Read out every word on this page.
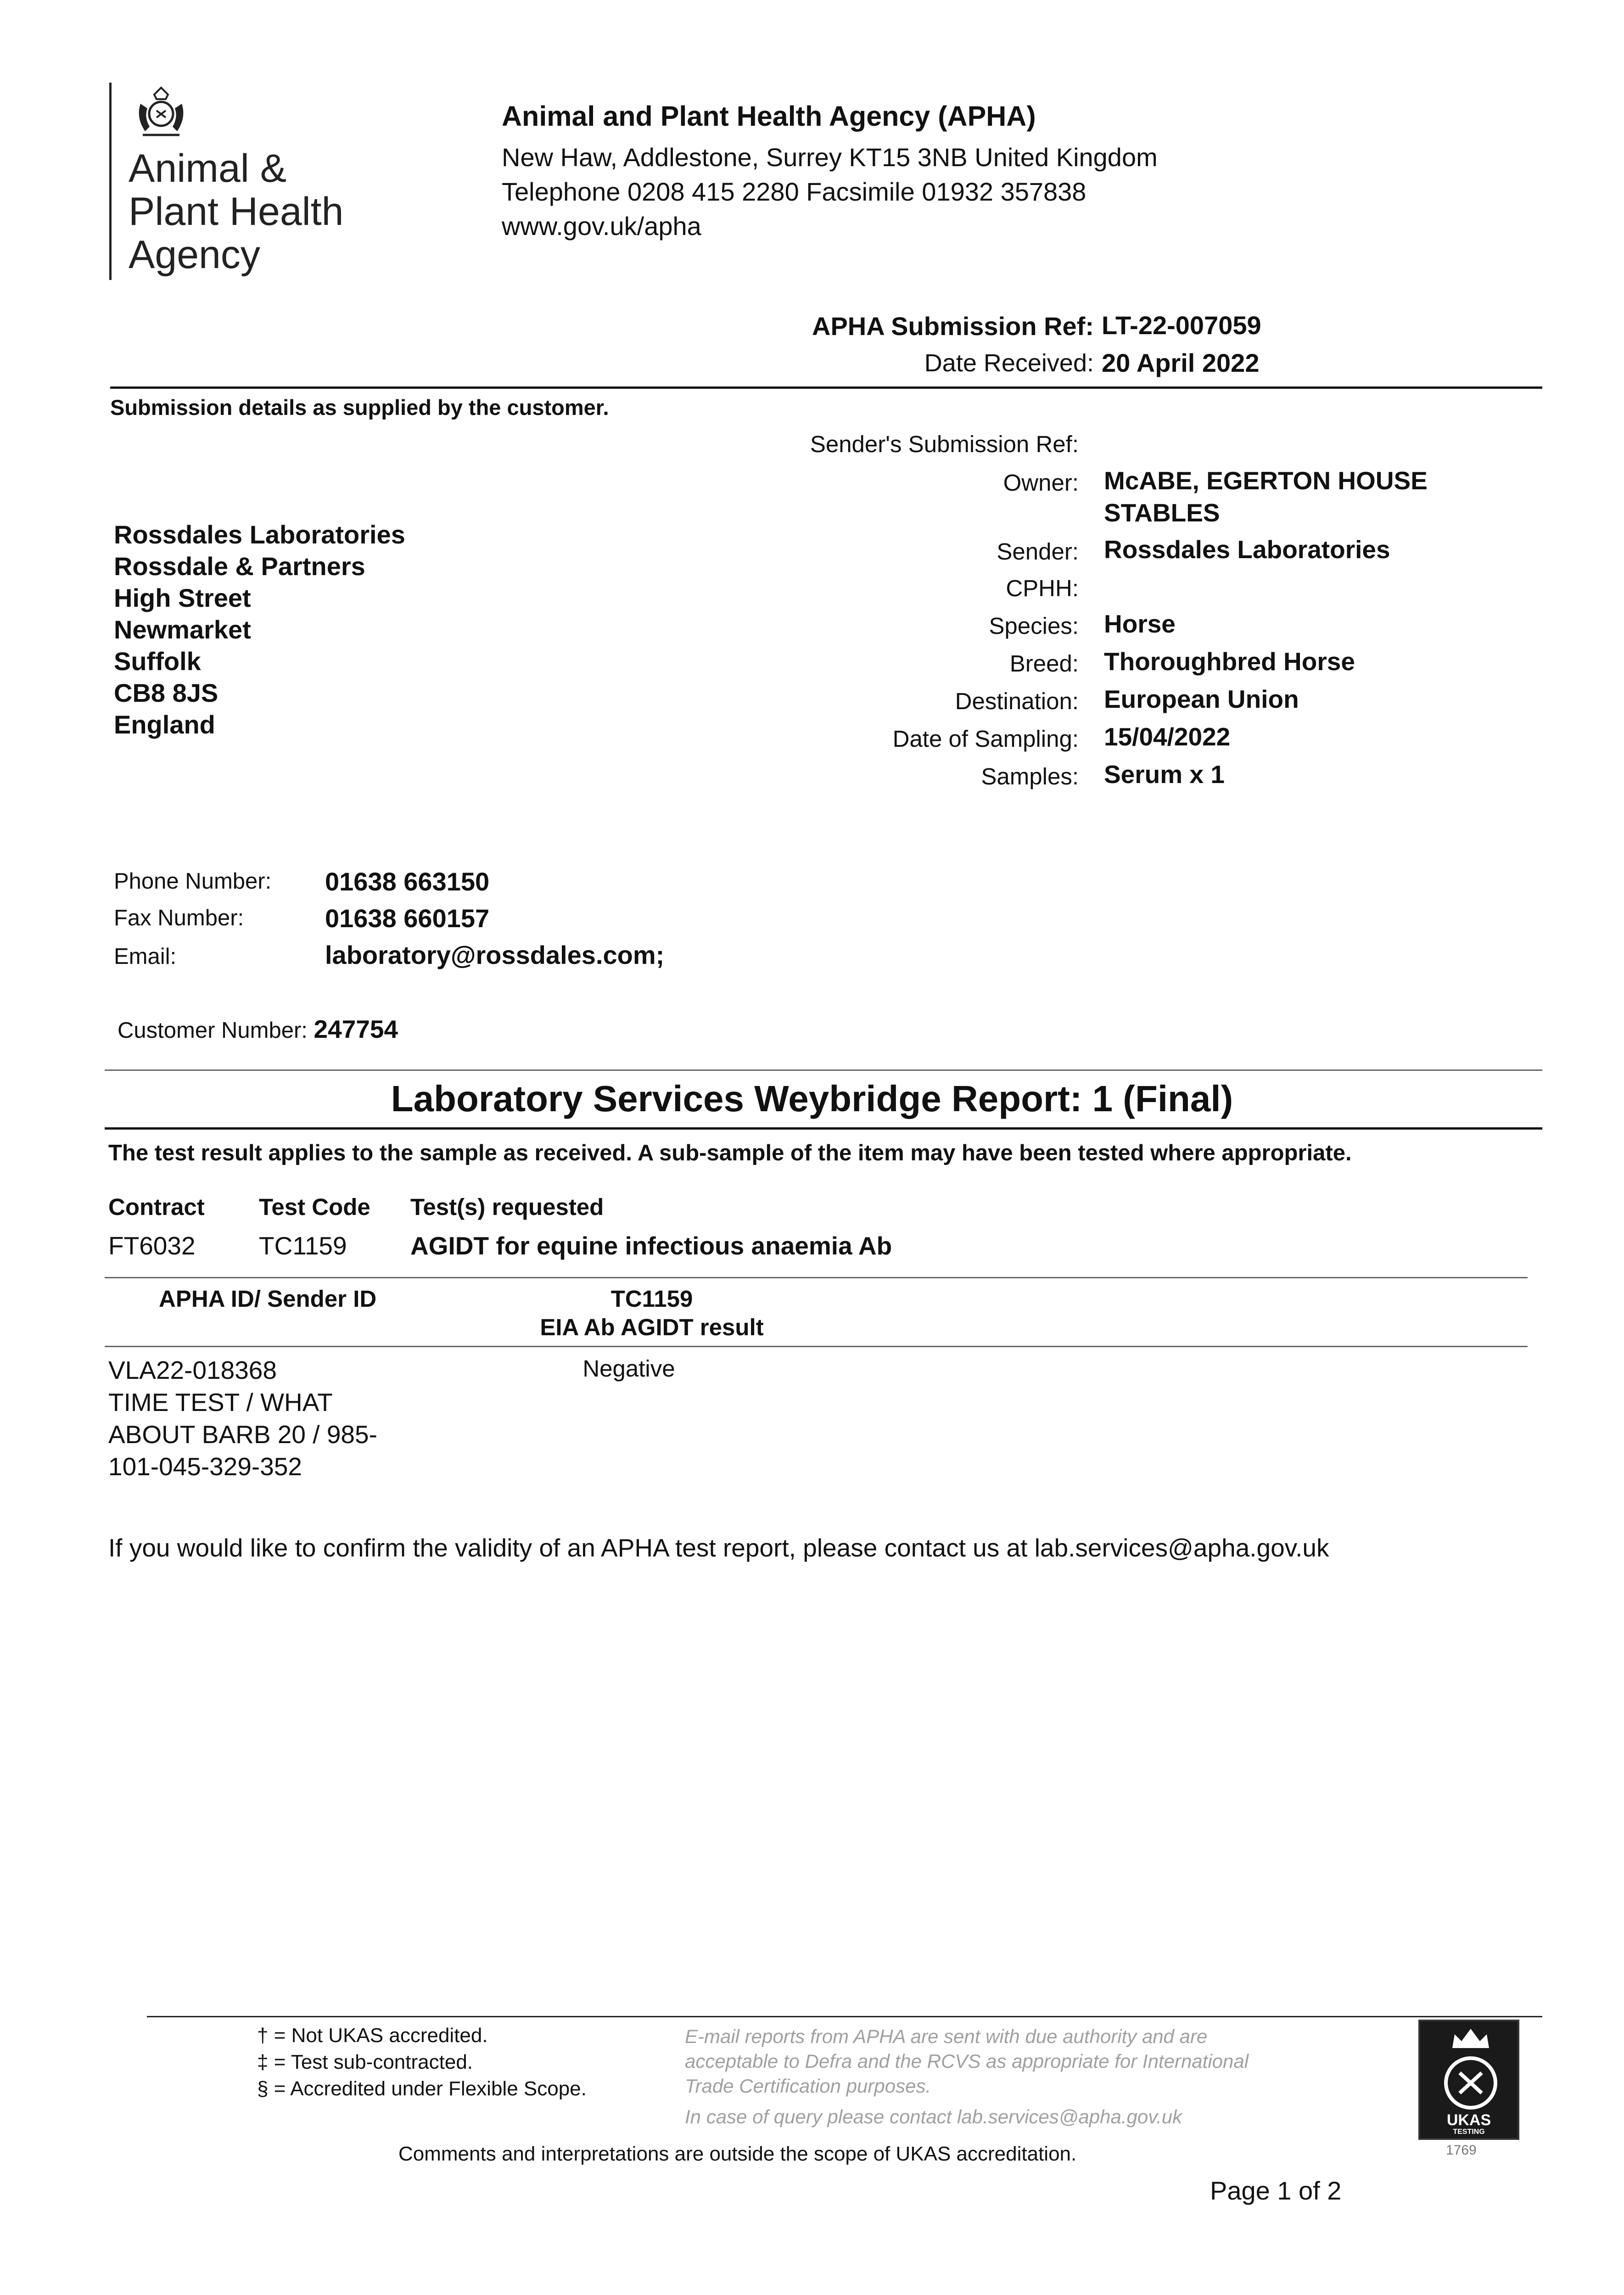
Animal &
Plant Health
Agency
Animal and Plant Health Agency (APHA)
New Haw, Addlestone, Surrey KT15 3NB United Kingdom
Telephone 0208 415 2280 Facsimile 01932 357838
www.gov.uk/apha
APHA Submission Ref: LT-22-007059
Date Received: 20 April 2022
Submission details as supplied by the customer.
Sender's Submission Ref:
Owner: McABE, EGERTON HOUSE STABLES
Sender: Rossdales Laboratories
CPHH:
Species: Horse
Breed: Thoroughbred Horse
Destination: European Union
Date of Sampling: 15/04/2022
Samples: Serum x 1
Rossdales Laboratories
Rossdale & Partners
High Street
Newmarket
Suffolk
CB8 8JS
England
Phone Number: 01638 663150
Fax Number:	01638 660157
Email:	laboratory@rossdales.com;
Customer Number: 247754
Laboratory Services Weybridge Report: 1 (Final)
The test result applies to the sample as received. A sub-sample of the item may have been tested where appropriate.
Contract Test Code Test(s) requested
FT6032	TC1159	AGIDT for equine infectious anaemia Ab
APHA ID/ Sender ID	TC1159
EIA Ab AGIDT result
VLA22-018368
TIME TEST / WHAT
ABOUT BARB 20 / 985-
101-045-329-352
Negative
If you would like to confirm the validity of an APHA test report, please contact us at lab.services@apha.gov.uk
† = Not UKAS accredited.
‡ = Test sub-contracted.
§ = Accredited under Flexible Scope.
E-mail reports from APHA are sent with due authority and are
acceptable to Defra and the RCVS as appropriate for International
Trade Certification purposes.
In case of query please contact lab.services@apha.gov.uk
Comments and interpretations are outside the scope of UKAS accreditation.
UKAS
TESTING
1769
Page 1 of 2
